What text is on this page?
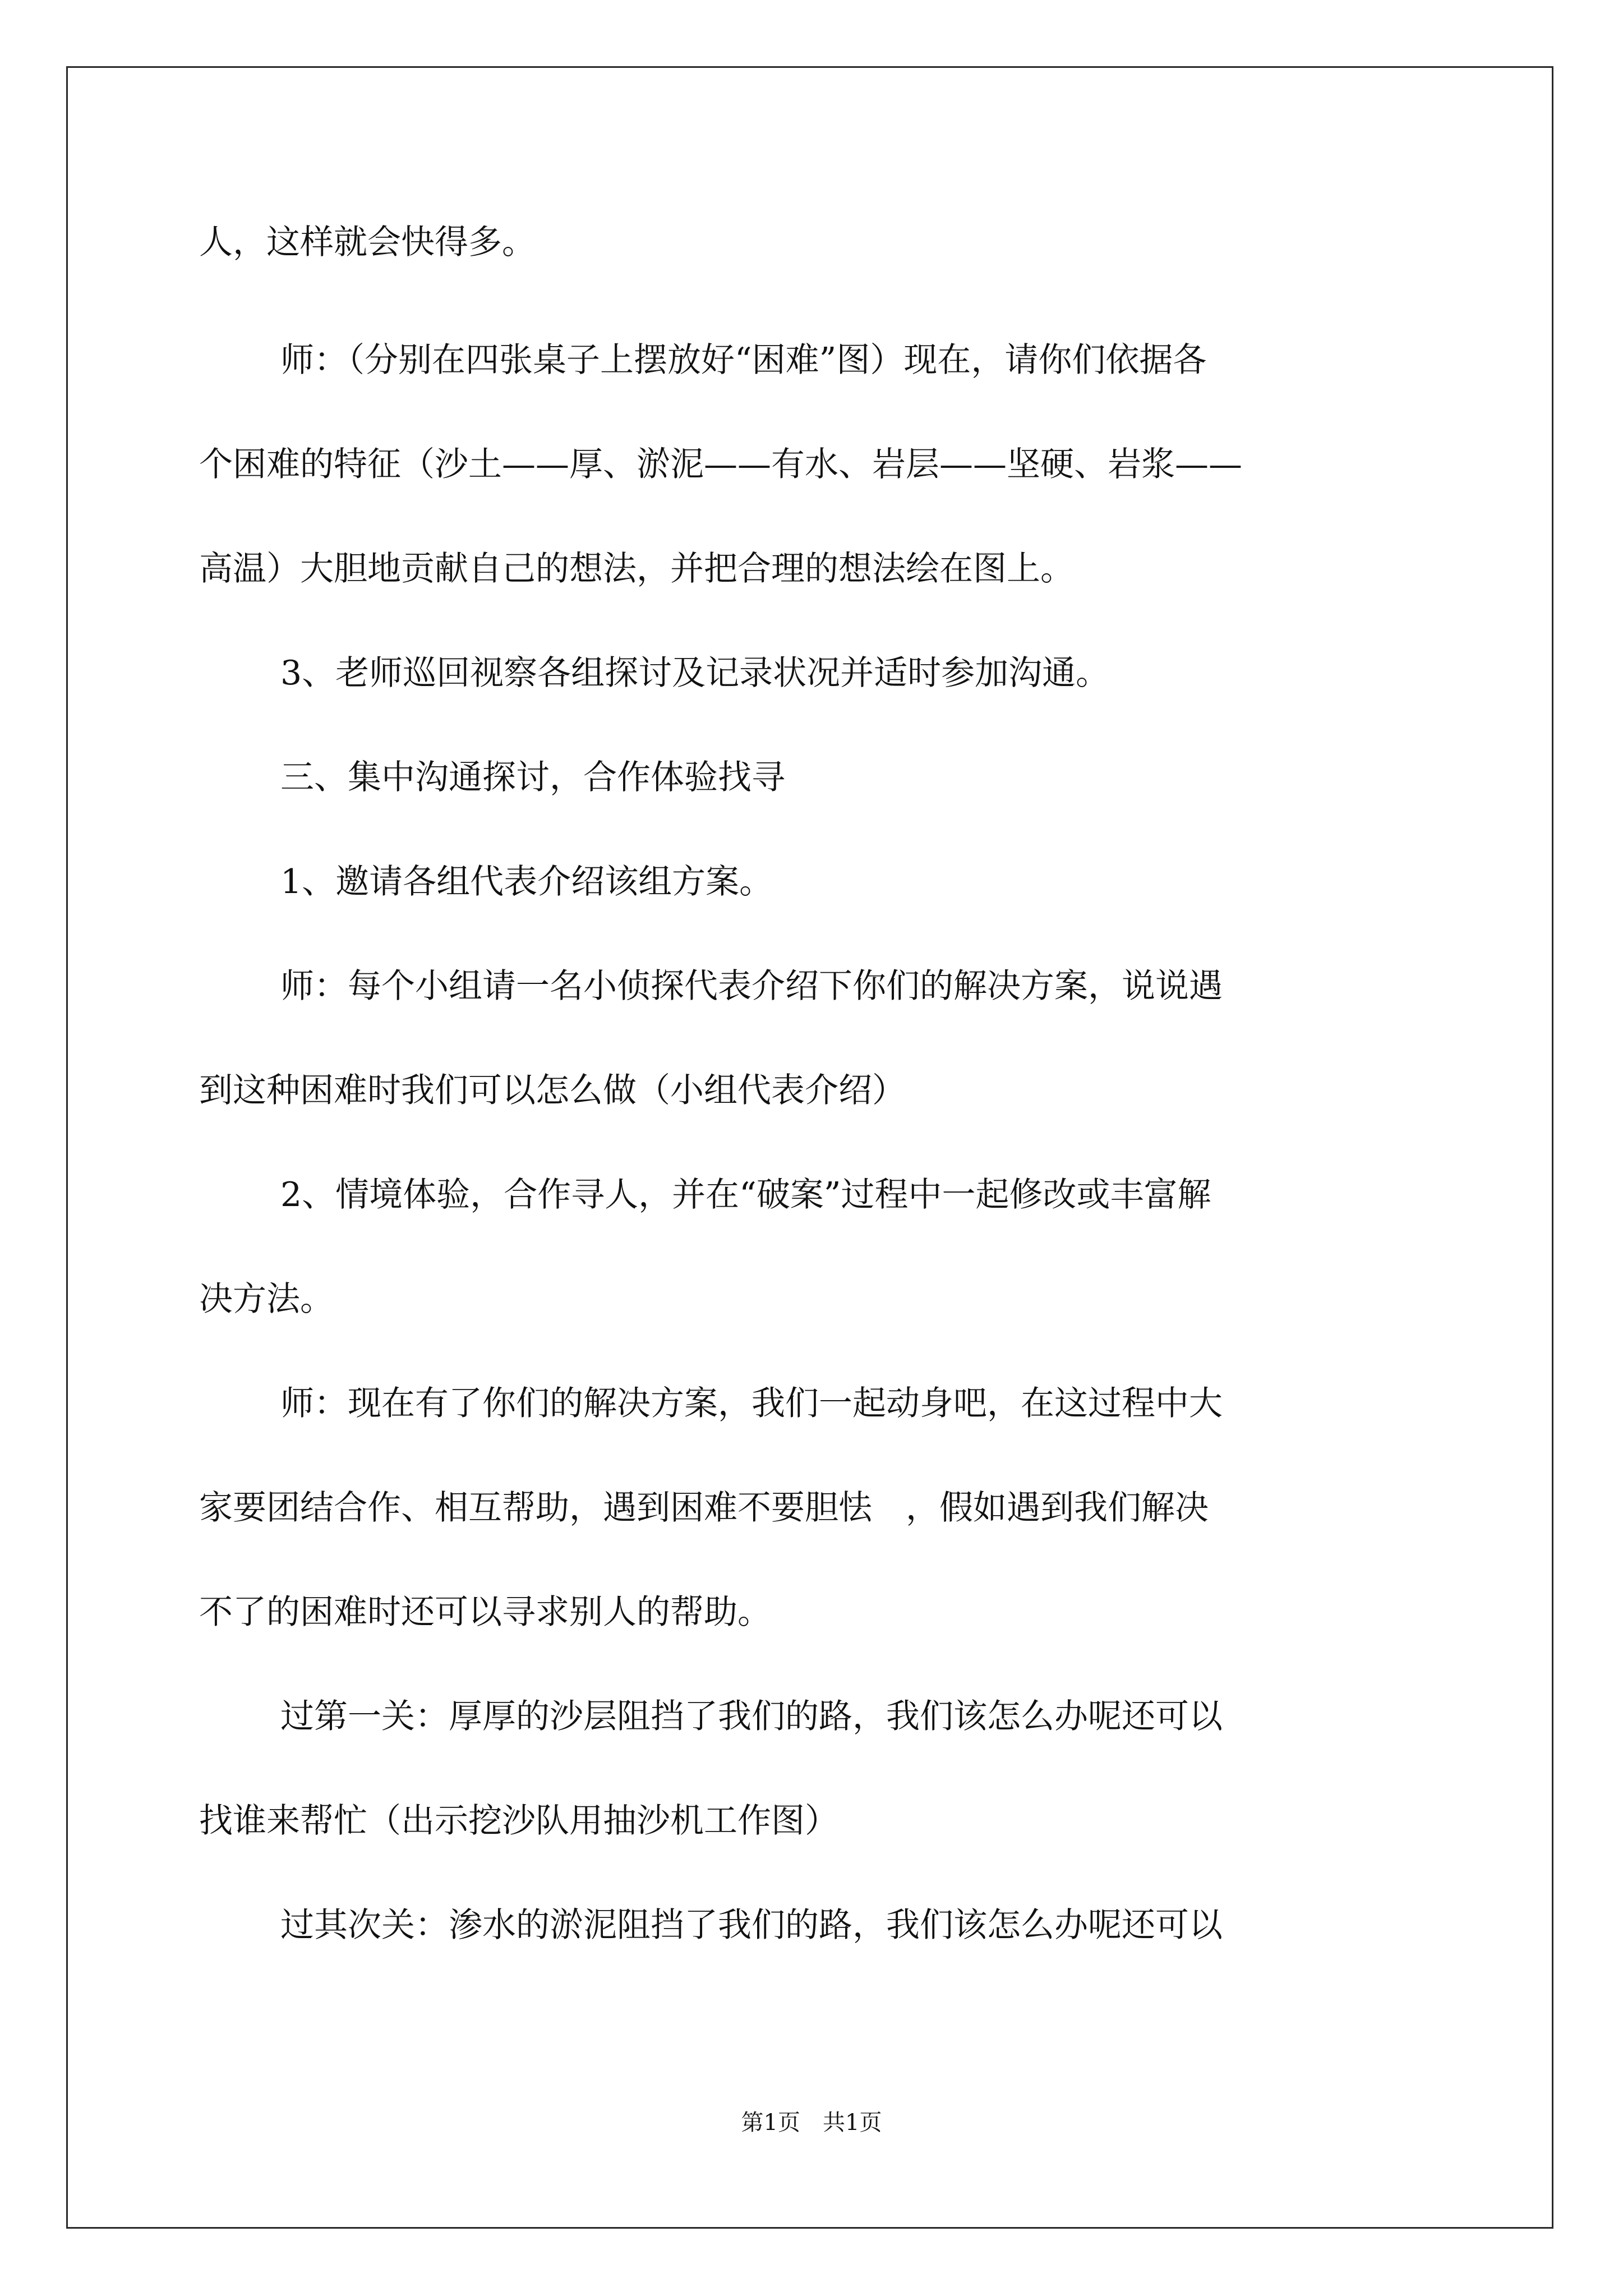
人，这样就会快得多。
师：（分别在四张桌子上摆放好“困难”图）现在，请你们依据各
个困难的特征（沙土——厚、淤泥——有水、岩层——坚硬、岩浆——
高温）大胆地贡献自己的想法，并把合理的想法绘在图上。
3、老师巡回视察各组探讨及记录状况并适时参加沟通。
三、集中沟通探讨，合作体验找寻
1、邀请各组代表介绍该组方案。
师：每个小组请一名小侦探代表介绍下你们的解决方案，说说遇
到这种困难时我们可以怎么做（小组代表介绍）
2、情境体验，合作寻人，并在“破案”过程中一起修改或丰富解
决方法。
师：现在有了你们的解决方案，我们一起动身吧，在这过程中大
家要团结合作、相互帮助，遇到困难不要胆怯　，假如遇到我们解决
不了的困难时还可以寻求别人的帮助。
过第一关：厚厚的沙层阻挡了我们的路，我们该怎么办呢还可以
找谁来帮忙（出示挖沙队用抽沙机工作图）
过其次关：渗水的淤泥阻挡了我们的路，我们该怎么办呢还可以
第1页　共1页
